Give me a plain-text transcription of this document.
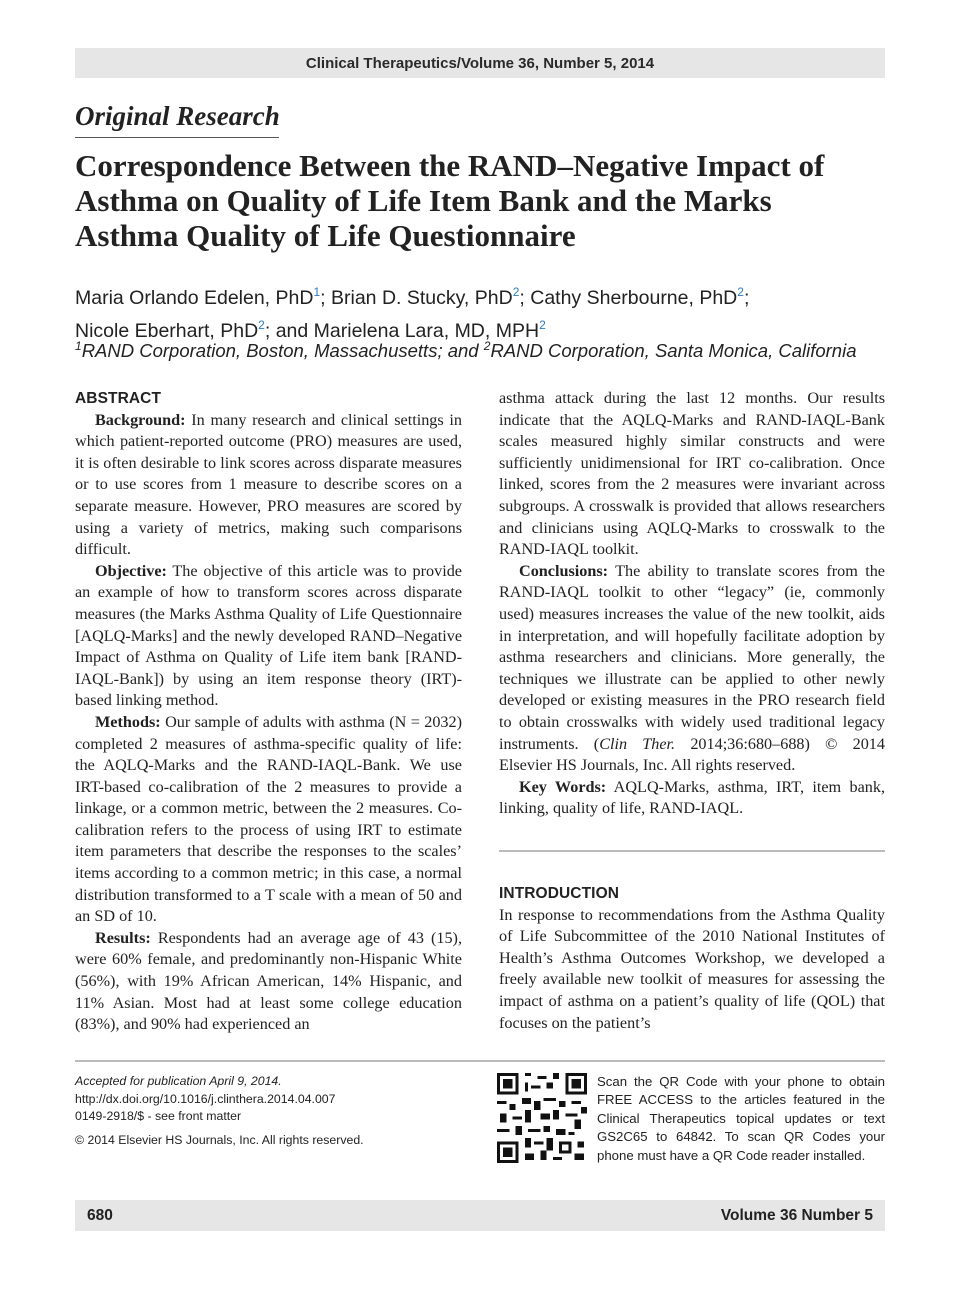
Clinical Therapeutics/Volume 36, Number 5, 2014
Original Research
Correspondence Between the RAND–Negative Impact of Asthma on Quality of Life Item Bank and the Marks Asthma Quality of Life Questionnaire
Maria Orlando Edelen, PhD$^1$; Brian D. Stucky, PhD$^2$; Cathy Sherbourne, PhD$^2$;
Nicole Eberhart, PhD$^2$; and Marielena Lara, MD, MPH$^2$
$^1$RAND Corporation, Boston, Massachusetts; and $^2$RAND Corporation, Santa Monica, California
ABSTRACT

Background: In many research and clinical settings in which patient-reported outcome (PRO) measures are used, it is often desirable to link scores across disparate measures or to use scores from 1 measure to describe scores on a separate measure. However, PRO measures are scored by using a variety of metrics, making such comparisons difficult.

Objective: The objective of this article was to provide an example of how to transform scores across disparate measures (the Marks Asthma Quality of Life Questionnaire [AQLQ-Marks] and the newly developed RAND–Negative Impact of Asthma on Quality of Life item bank [RAND-IAQL-Bank]) by using an item response theory (IRT)-based linking method.

Methods: Our sample of adults with asthma (N = 2032) completed 2 measures of asthma-specific quality of life: the AQLQ-Marks and the RAND-IAQL-Bank. We use IRT-based co-calibration of the 2 measures to provide a linkage, or a common metric, between the 2 measures. Co-calibration refers to the process of using IRT to estimate item parameters that describe the responses to the scales’ items according to a common metric; in this case, a normal distribution transformed to a T scale with a mean of 50 and an SD of 10.

Results: Respondents had an average age of 43 (15), were 60% female, and predominantly non-Hispanic White (56%), with 19% African American, 14% Hispanic, and 11% Asian. Most had at least some college education (83%), and 90% had experienced an

asthma attack during the last 12 months. Our results indicate that the AQLQ-Marks and RAND-IAQL-Bank scales measured highly similar constructs and were sufficiently unidimensional for IRT co-calibration. Once linked, scores from the 2 measures were invariant across subgroups. A crosswalk is provided that allows researchers and clinicians using AQLQ-Marks to crosswalk to the RAND-IAQL toolkit.

Conclusions: The ability to translate scores from the RAND-IAQL toolkit to other “legacy” (ie, commonly used) measures increases the value of the new toolkit, aids in interpretation, and will hopefully facilitate adoption by asthma researchers and clinicians. More generally, the techniques we illustrate can be applied to other newly developed or existing measures in the PRO research field to obtain crosswalks with widely used traditional legacy instruments. (Clin Ther. 2014;36:680–688) © 2014 Elsevier HS Journals, Inc. All rights reserved.

Key Words: AQLQ-Marks, asthma, IRT, item bank, linking, quality of life, RAND-IAQL.

INTRODUCTION

In response to recommendations from the Asthma Quality of Life Subcommittee of the 2010 National Institutes of Health’s Asthma Outcomes Workshop, we developed a freely available new toolkit of measures for assessing the impact of asthma on a patient’s quality of life (QOL) that focuses on the patient’s

Accepted for publication April 9, 2014.
http://dx.doi.org/10.1016/j.clinthera.2014.04.007
0149-2918/$ - see front matter
© 2014 Elsevier HS Journals, Inc. All rights reserved.
Scan the QR Code with your phone to obtain FREE ACCESS to the articles featured in the Clinical Therapeutics topical updates or text GS2C65 to 64842. To scan QR Codes your phone must have a QR Code reader installed.
680	Volume 36 Number 5
